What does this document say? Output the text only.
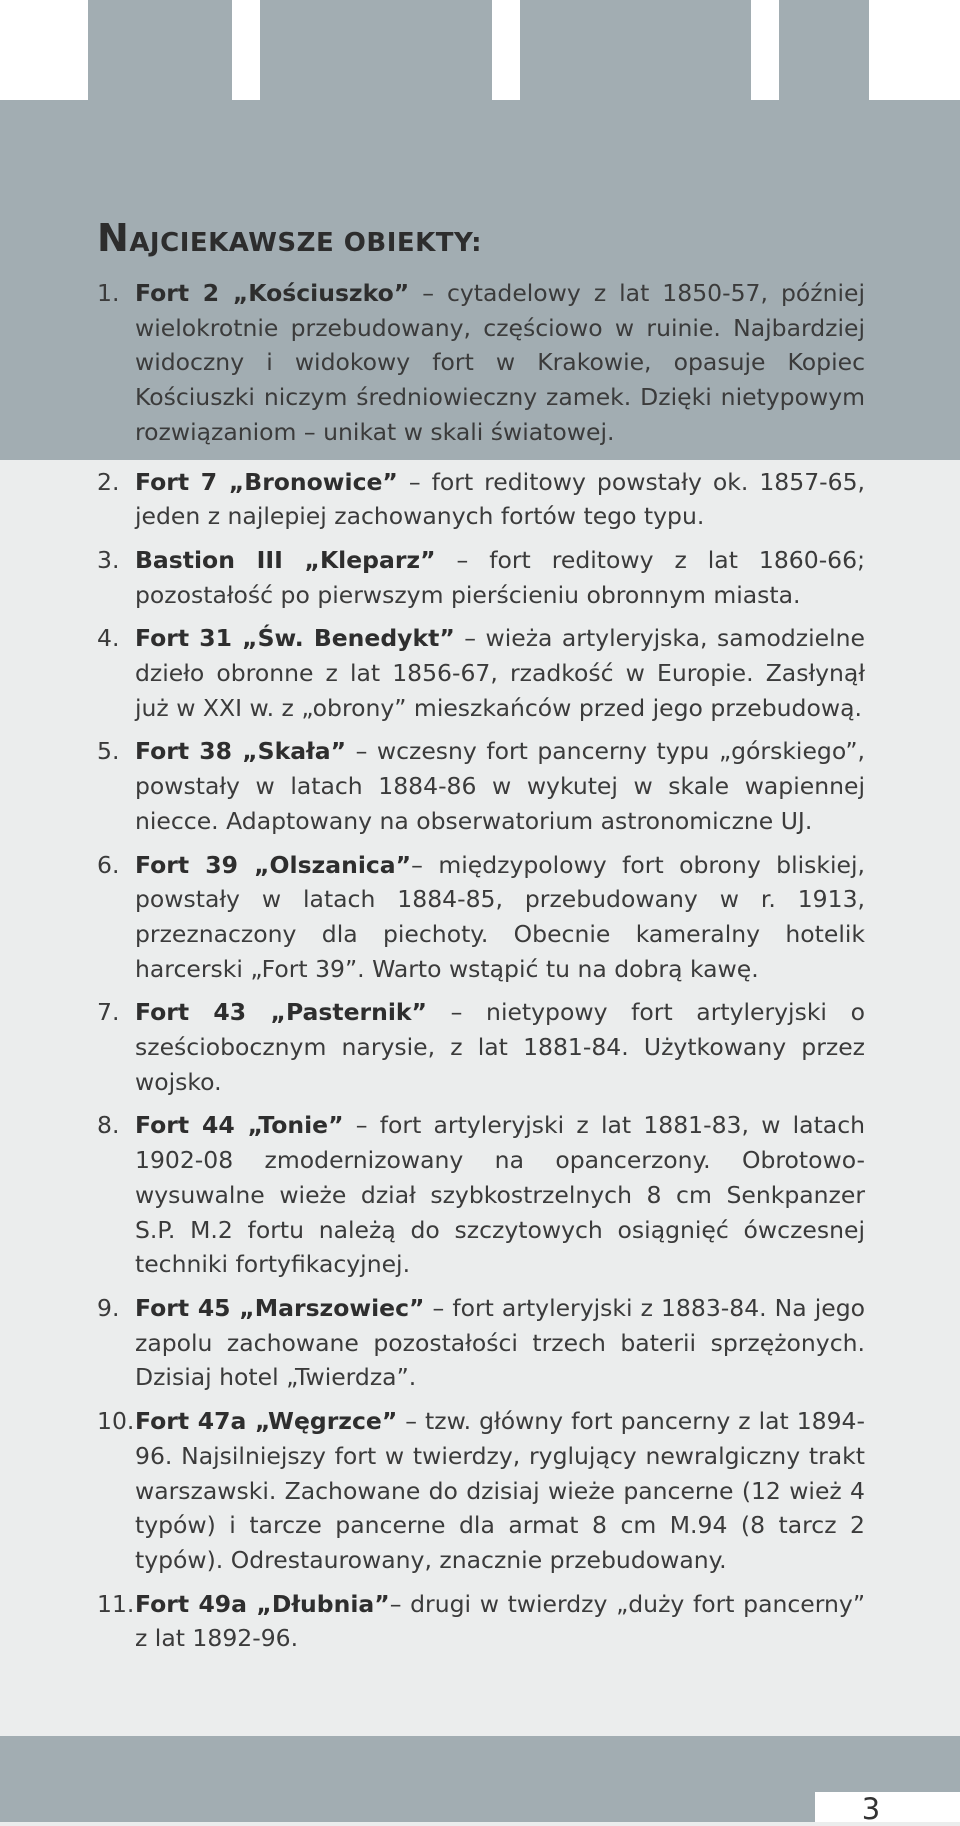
NAJCIEKAWSZE OBIEKTY:
1. Fort 2 „Kościuszko” – cytadelowy z lat 1850-57, później wielokrotnie przebudowany, częściowo w ruinie. Najbardziej widoczny i widokowy fort w Krakowie, opasuje Kopiec Kościuszki niczym średniowieczny zamek. Dzięki nietypowym rozwiązaniom – unikat w skali światowej.
2. Fort 7 „Bronowice” – fort reditowy powstały ok. 1857-65, jeden z najlepiej zachowanych fortów tego typu.
3. Bastion III „Kleparz” – fort reditowy z lat 1860-66; pozostałość po pierwszym pierścieniu obronnym miasta.
4. Fort 31 „Św. Benedykt” – wieża artyleryjska, samodzielne dzieło obronne z lat 1856-67, rzadkość w Europie. Zasłynął już w XXI w. z „obrony” mieszkańców przed jego przebudową.
5. Fort 38 „Skała” – wczesny fort pancerny typu „górskiego”, powstały w latach 1884-86 w wykutej w skale wapiennej niecce. Adaptowany na obserwatorium astronomiczne UJ.
6. Fort 39 „Olszanica”– międzypolowy fort obrony bliskiej, powstały w latach 1884-85, przebudowany w r. 1913, przeznaczony dla piechoty. Obecnie kameralny hotelik harcerski „Fort 39”. Warto wstąpić tu na dobrą kawę.
7. Fort 43 „Pasternik” – nietypowy fort artyleryjski o sześciobocznym narysie, z lat 1881-84. Użytkowany przez wojsko.
8. Fort 44 „Tonie” – fort artyleryjski z lat 1881-83, w latach 1902-08 zmodernizowany na opancerzony. Obrotowo-wysuwalne wieże dział szybkostrzelnych 8 cm Senkpanzer S.P. M.2 fortu należą do szczytowych osiągnięć ówczesnej techniki fortyfikacyjnej.
9. Fort 45 „Marszowiec” – fort artyleryjski z 1883-84. Na jego zapolu zachowane pozostałości trzech baterii sprzężonych. Dzisiaj hotel „Twierdza”.
10. Fort 47a „Węgrzce” – tzw. główny fort pancerny z lat 1894-96. Najsilniejszy fort w twierdzy, ryglujący newralgiczny trakt warszawski. Zachowane do dzisiaj wieże pancerne (12 wież 4 typów) i tarcze pancerne dla armat 8 cm M.94 (8 tarcz 2 typów). Odrestaurowany, znacznie przebudowany.
11. Fort 49a „Dłubnia”– drugi w twierdzy „duży fort pancerny” z lat 1892-96.
3
